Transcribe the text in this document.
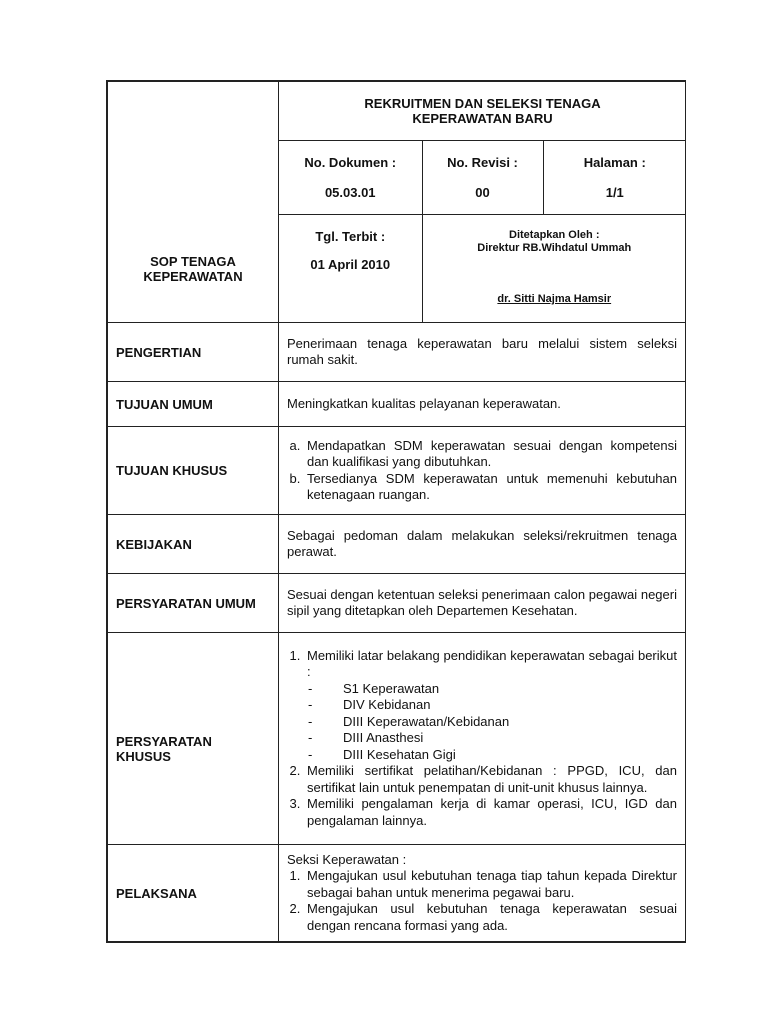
REKRUITMEN DAN SELEKSI TENAGA
KEPERAWATAN BARU

No. Dokumen :
05.03.01

No. Revisi :
00

Halaman :
1/1

SOP TENAGA
KEPERAWATAN

Tgl. Terbit :
01 April 2010

Ditetapkan Oleh :
Direktur RB.Wihdatul Ummah
dr. Sitti Najma Hamsir

PENGERTIAN	Penerimaan tenaga keperawatan baru melalui sistem seleksi rumah sakit.
TUJUAN UMUM	Meningkatkan kualitas pelayanan keperawatan.
TUJUAN KHUSUS	
a. Mendapatkan SDM keperawatan sesuai dengan kompetensi dan kualifikasi yang dibutuhkan.
b. Tersedianya SDM keperawatan untuk memenuhi kebutuhan ketenagaan ruangan.

KEBIJAKAN	Sebagai pedoman dalam melakukan seleksi/rekruitmen tenaga perawat.
PERSYARATAN UMUM	Sesuai dengan ketentuan seleksi penerimaan calon pegawai negeri sipil yang ditetapkan oleh Departemen Kesehatan.

PERSYARATAN
KHUSUS

1. Memiliki latar belakang pendidikan keperawatan sebagai berikut :
- S1 Keperawatan
- DIV Kebidanan
- DIII Keperawatan/Kebidanan
- DIII Anasthesi
- DIII Kesehatan Gigi
2. Memiliki sertifikat pelatihan/Kebidanan : PPGD, ICU, dan sertifikat lain untuk penempatan di unit-unit khusus lainnya.
3. Memiliki pengalaman kerja di kamar operasi, ICU, IGD dan pengalaman lainnya.

PELAKSANA	
Seksi Keperawatan :
1. Mengajukan usul kebutuhan tenaga tiap tahun kepada Direktur sebagai bahan untuk menerima pegawai baru.
2. Mengajukan usul kebutuhan tenaga keperawatan sesuai dengan rencana formasi yang ada.
